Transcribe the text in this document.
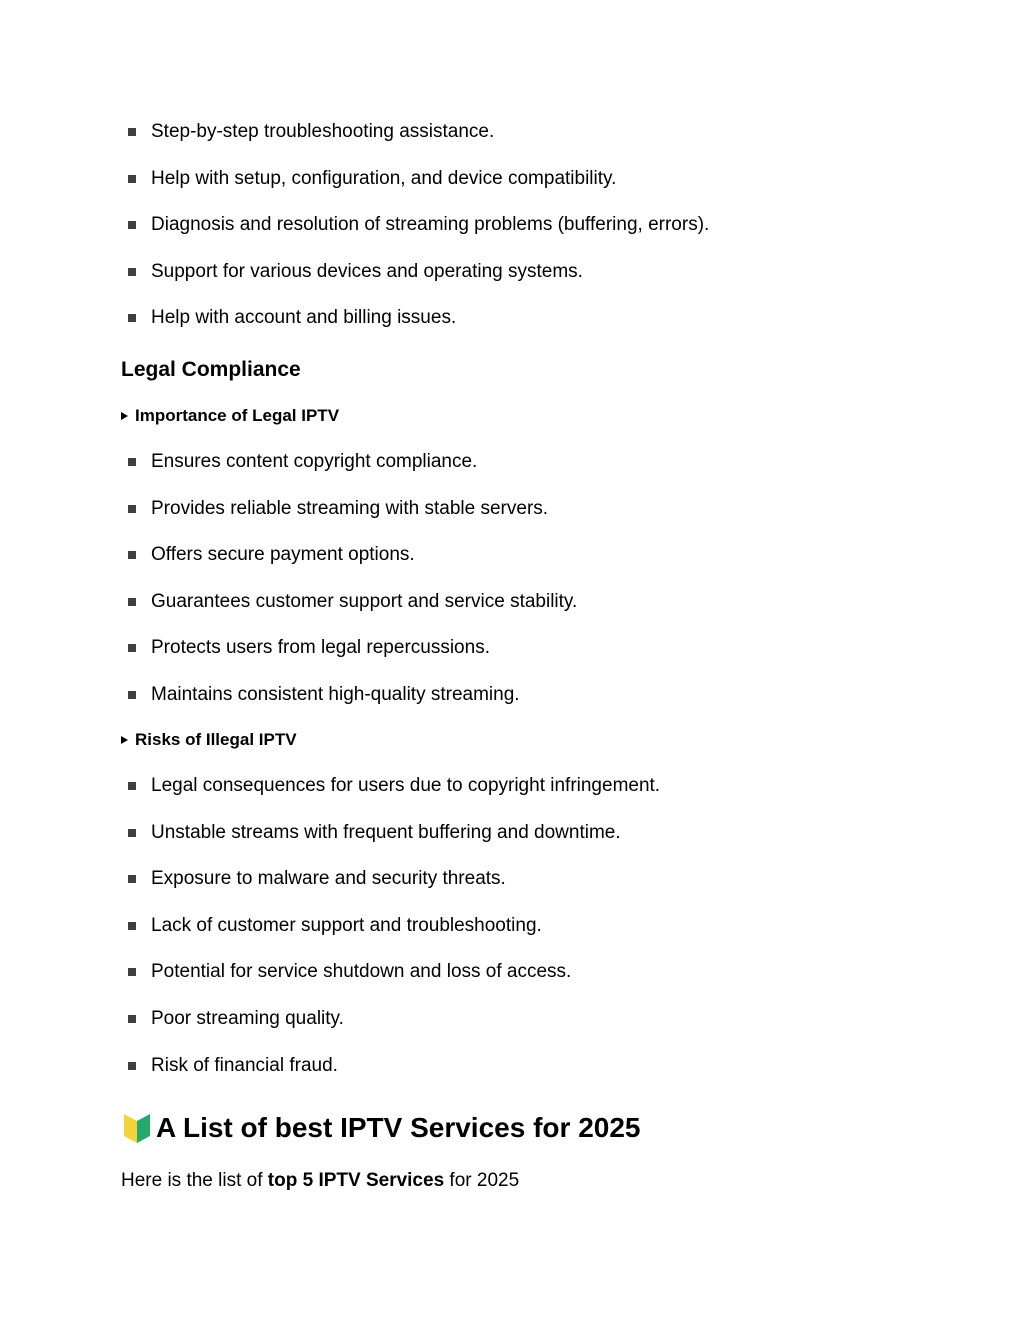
Step-by-step troubleshooting assistance.
Help with setup, configuration, and device compatibility.
Diagnosis and resolution of streaming problems (buffering, errors).
Support for various devices and operating systems.
Help with account and billing issues.
Legal Compliance
Importance of Legal IPTV
Ensures content copyright compliance.
Provides reliable streaming with stable servers.
Offers secure payment options.
Guarantees customer support and service stability.
Protects users from legal repercussions.
Maintains consistent high-quality streaming.
Risks of Illegal IPTV
Legal consequences for users due to copyright infringement.
Unstable streams with frequent buffering and downtime.
Exposure to malware and security threats.
Lack of customer support and troubleshooting.
Potential for service shutdown and loss of access.
Poor streaming quality.
Risk of financial fraud.
A List of best IPTV Services for 2025
Here is the list of top 5 IPTV Services for 2025
